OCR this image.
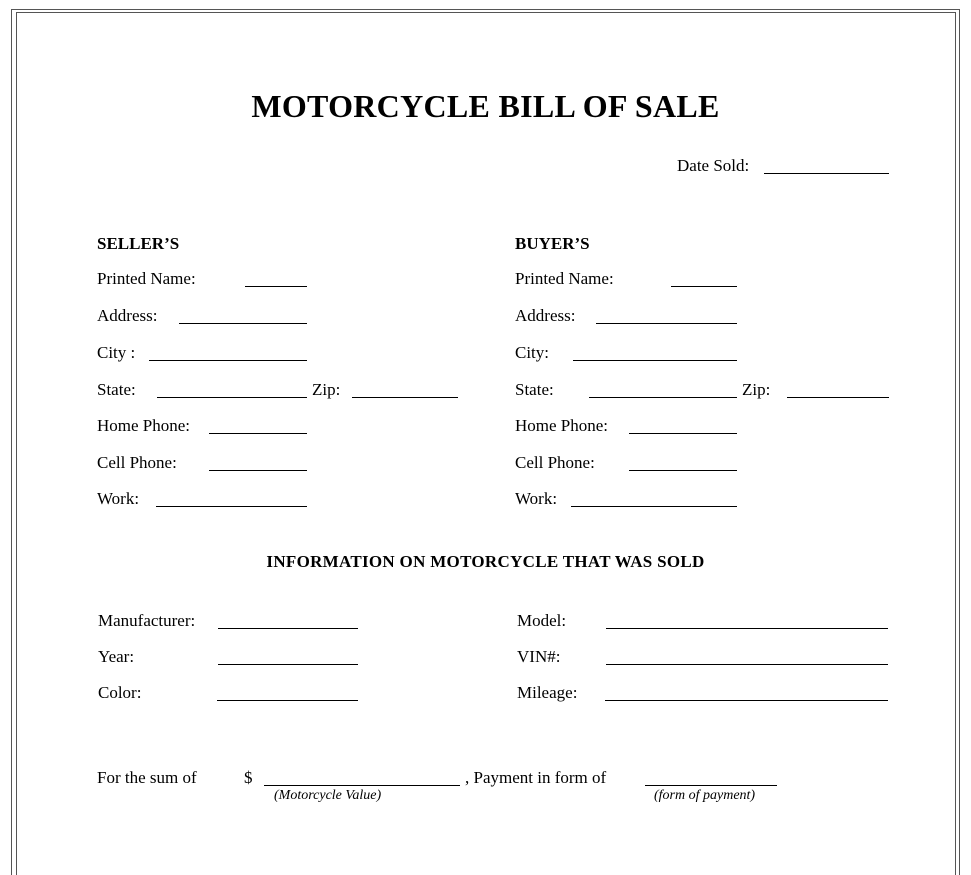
MOTORCYCLE BILL OF SALE
Date Sold:
SELLER’S
Printed Name:
Address:
City :
State:	Zip:
Home Phone:
Cell Phone:
Work:
BUYER’S
Printed Name:
Address:
City:
State:	Zip:
Home Phone:
Cell Phone:
Work:
INFORMATION ON MOTORCYCLE THAT WAS SOLD
Manufacturer:
Year:
Color:
Model:
VIN#:
Mileage:
For the sum of	$	, Payment in form of
(Motorcycle Value)	(form of payment)
